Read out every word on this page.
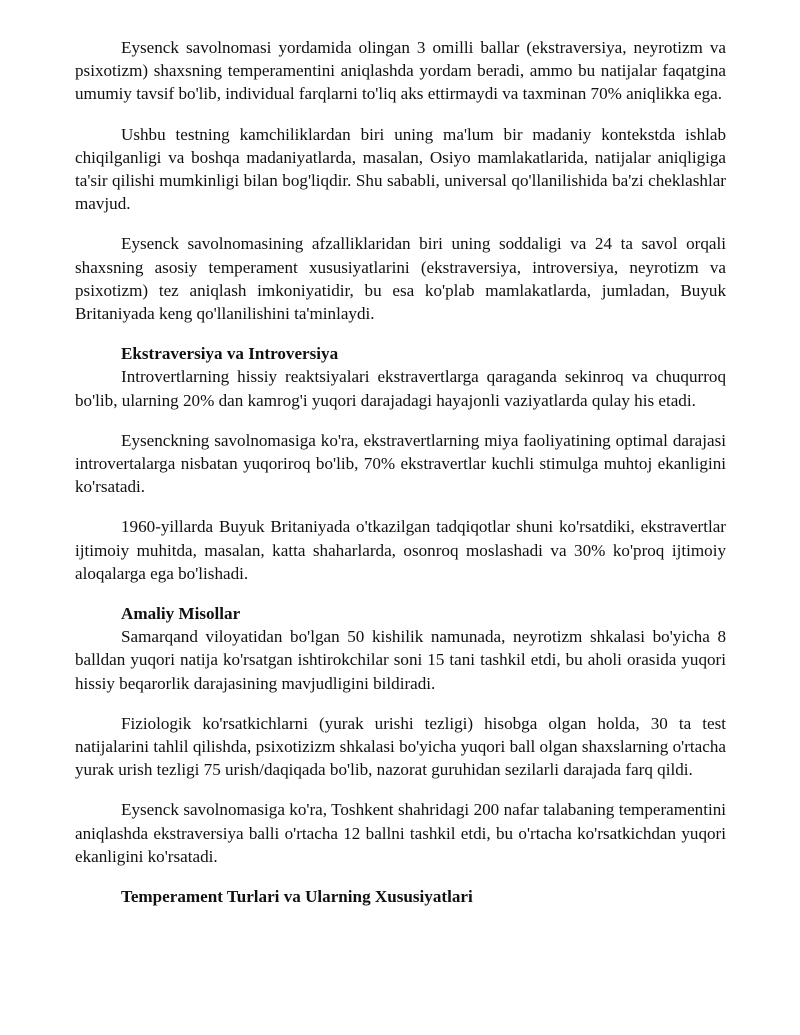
Eysenck savolnomasi yordamida olingan 3 omilli ballar (ekstraversiya, neyrotizm va psixotizm) shaxsning temperamentini aniqlashda yordam beradi, ammo bu natijalar faqatgina umumiy tavsif bo'lib, individual farqlarni to'liq aks ettirmaydi va taxminan 70% aniqlikka ega.

Ushbu testning kamchiliklardan biri uning ma'lum bir madaniy kontekstda ishlab chiqilganligi va boshqa madaniyatlarda, masalan, Osiyo mamlakatlarida, natijalar aniqligiga ta'sir qilishi mumkinligi bilan bog'liqdir. Shu sababli, universal qo'llanilishida ba'zi cheklashlar mavjud.

Eysenck savolnomasining afzalliklaridan biri uning soddaligi va 24 ta savol orqali shaxsning asosiy temperament xususiyatlarini (ekstraversiya, introversiya, neyrotizm va psixotizm) tez aniqlash imkoniyatidir, bu esa ko'plab mamlakatlarda, jumladan, Buyuk Britaniyada keng qo'llanilishini ta'minlaydi.

Ekstraversiya va Introversiya

Introvertlarning hissiy reaktsiyalari ekstravertlarga qaraganda sekinroq va chuqurroq bo'lib, ularning 20% dan kamrog'i yuqori darajadagi hayajonli vaziyatlarda qulay his etadi.

Eysenckning savolnomasiga ko'ra, ekstravertlarning miya faoliyatining optimal darajasi introvertalarga nisbatan yuqoriroq bo'lib, 70% ekstravertlar kuchli stimulga muhtoj ekanligini ko'rsatadi.

1960-yillarda Buyuk Britaniyada o'tkazilgan tadqiqotlar shuni ko'rsatdiki, ekstravertlar ijtimoiy muhitda, masalan, katta shaharlarda, osonroq moslashadi va 30% ko'proq ijtimoiy aloqalarga ega bo'lishadi.

Amaliy Misollar

Samarqand viloyatidan bo'lgan 50 kishilik namunada, neyrotizm shkalasi bo'yicha 8 balldan yuqori natija ko'rsatgan ishtirokchilar soni 15 tani tashkil etdi, bu aholi orasida yuqori hissiy beqarorlik darajasining mavjudligini bildiradi.

Fiziologik ko'rsatkichlarni (yurak urishi tezligi) hisobga olgan holda, 30 ta test natijalarini tahlil qilishda, psixotizizm shkalasi bo'yicha yuqori ball olgan shaxslarning o'rtacha yurak urish tezligi 75 urish/daqiqada bo'lib, nazorat guruhidan sezilarli darajada farq qildi.

Eysenck savolnomasiga ko'ra, Toshkent shahridagi 200 nafar talabaning temperamentini aniqlashda ekstraversiya balli o'rtacha 12 ballni tashkil etdi, bu o'rtacha ko'rsatkichdan yuqori ekanligini ko'rsatadi.

Temperament Turlari va Ularning Xususiyatlari
